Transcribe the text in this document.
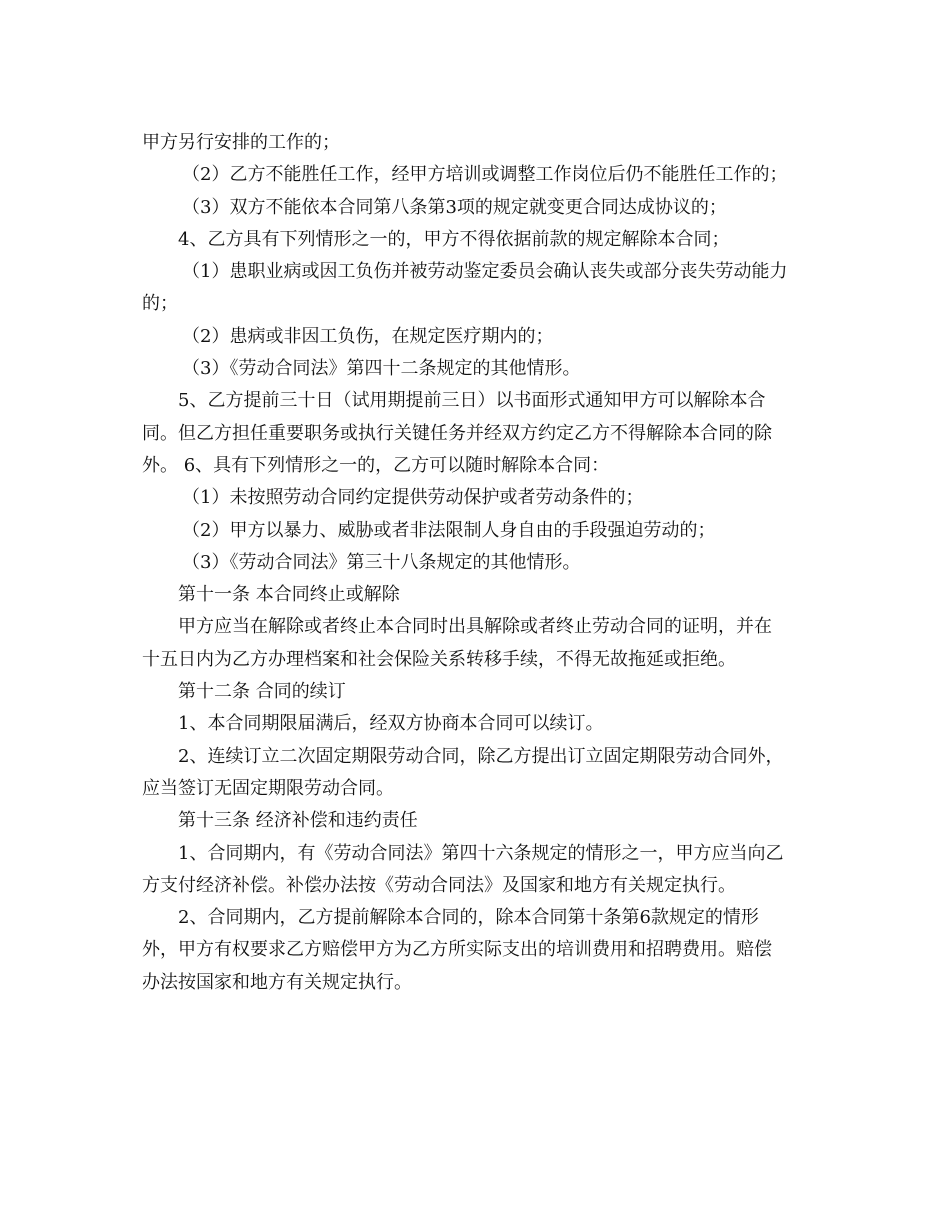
甲方另行安排的工作的；
（2）乙方不能胜任工作，经甲方培训或调整工作岗位后仍不能胜任工作的；
（3）双方不能依本合同第八条第3项的规定就变更合同达成协议的；
4、乙方具有下列情形之一的，甲方不得依据前款的规定解除本合同；
（1）患职业病或因工负伤并被劳动鉴定委员会确认丧失或部分丧失劳动能力
的；
（2）患病或非因工负伤，在规定医疗期内的；
（3）《劳动合同法》第四十二条规定的其他情形。
5、乙方提前三十日（试用期提前三日）以书面形式通知甲方可以解除本合
同。但乙方担任重要职务或执行关键任务并经双方约定乙方不得解除本合同的除
外。 6、具有下列情形之一的，乙方可以随时解除本合同：
（1）未按照劳动合同约定提供劳动保护或者劳动条件的；
（2）甲方以暴力、威胁或者非法限制人身自由的手段强迫劳动的；
（3）《劳动合同法》第三十八条规定的其他情形。
第十一条 本合同终止或解除
甲方应当在解除或者终止本合同时出具解除或者终止劳动合同的证明，并在
十五日内为乙方办理档案和社会保险关系转移手续，不得无故拖延或拒绝。
第十二条 合同的续订
1、本合同期限届满后，经双方协商本合同可以续订。
2、连续订立二次固定期限劳动合同，除乙方提出订立固定期限劳动合同外，
应当签订无固定期限劳动合同。
第十三条 经济补偿和违约责任
1、合同期内，有《劳动合同法》第四十六条规定的情形之一，甲方应当向乙
方支付经济补偿。补偿办法按《劳动合同法》及国家和地方有关规定执行。
2、合同期内，乙方提前解除本合同的，除本合同第十条第6款规定的情形
外，甲方有权要求乙方赔偿甲方为乙方所实际支出的培训费用和招聘费用。赔偿
办法按国家和地方有关规定执行。
